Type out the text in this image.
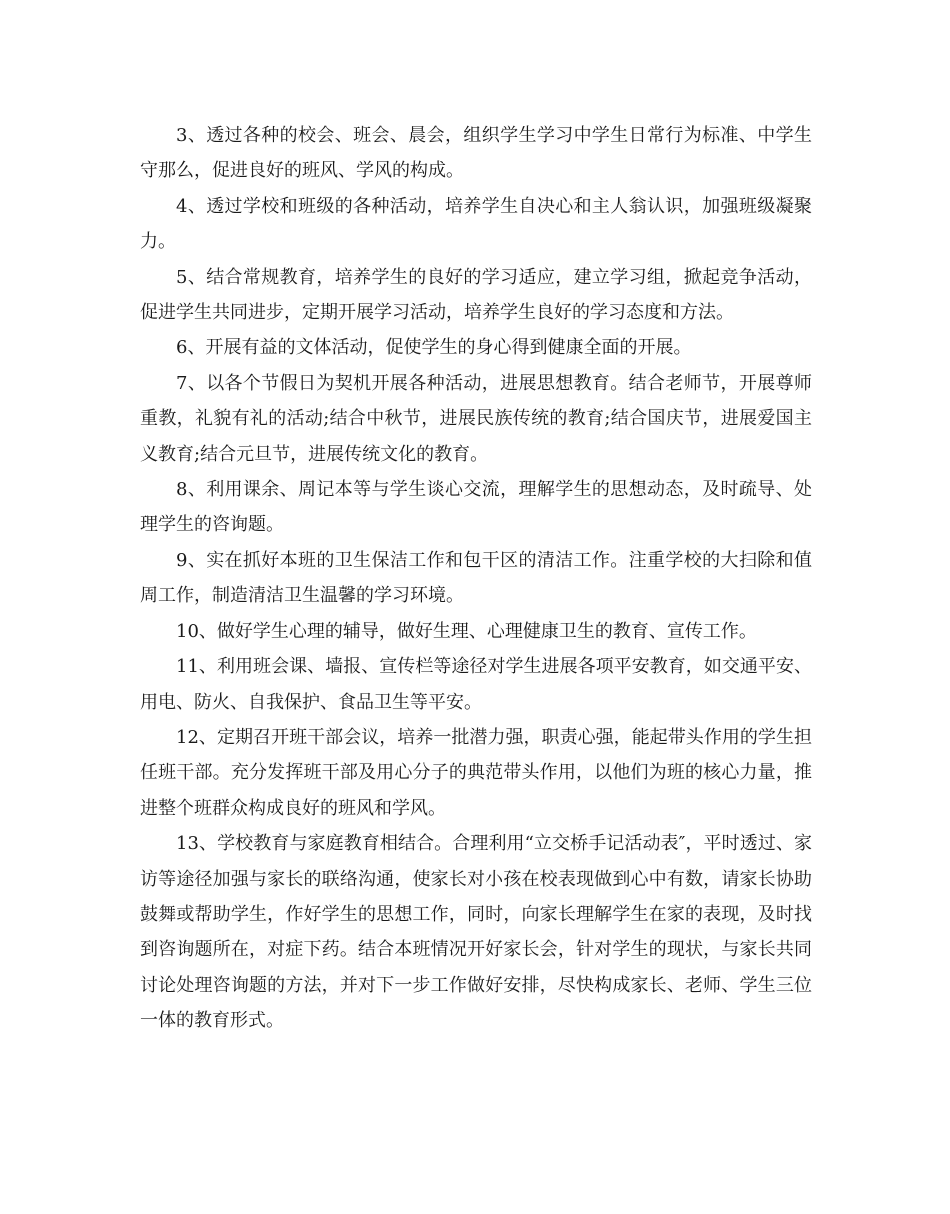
3、透过各种的校会、班会、晨会，组织学生学习中学生日常行为标准、中学生守那么，促进良好的班风、学风的构成。

4、透过学校和班级的各种活动，培养学生自决心和主人翁认识，加强班级凝聚力。

5、结合常规教育，培养学生的良好的学习适应，建立学习组，掀起竞争活动，促进学生共同进步，定期开展学习活动，培养学生良好的学习态度和方法。

6、开展有益的文体活动，促使学生的身心得到健康全面的开展。

7、以各个节假日为契机开展各种活动，进展思想教育。结合老师节，开展尊师重教，礼貌有礼的活动;结合中秋节，进展民族传统的教育;结合国庆节，进展爱国主义教育;结合元旦节，进展传统文化的教育。

8、利用课余、周记本等与学生谈心交流，理解学生的思想动态，及时疏导、处理学生的咨询题。

9、实在抓好本班的卫生保洁工作和包干区的清洁工作。注重学校的大扫除和值周工作，制造清洁卫生温馨的学习环境。

10、做好学生心理的辅导，做好生理、心理健康卫生的教育、宣传工作。

11、利用班会课、墙报、宣传栏等途径对学生进展各项平安教育，如交通平安、用电、防火、自我保护、食品卫生等平安。

12、定期召开班干部会议，培养一批潜力强，职责心强，能起带头作用的学生担任班干部。充分发挥班干部及用心分子的典范带头作用，以他们为班的核心力量，推进整个班群众构成良好的班风和学风。

13、学校教育与家庭教育相结合。合理利用“立交桥手记活动表″，平时透过、家访等途径加强与家长的联络沟通，使家长对小孩在校表现做到心中有数，请家长协助鼓舞或帮助学生，作好学生的思想工作，同时，向家长理解学生在家的表现，及时找到咨询题所在，对症下药。结合本班情况开好家长会，针对学生的现状，与家长共同讨论处理咨询题的方法，并对下一步工作做好安排，尽快构成家长、老师、学生三位一体的教育形式。
